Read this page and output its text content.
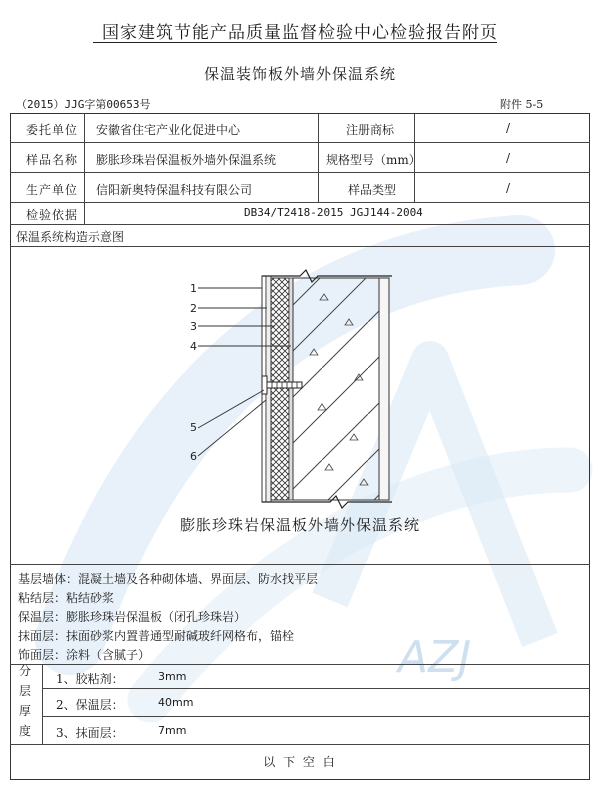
AZJ
国家建筑节能产品质量监督检验中心检验报告附页
保温装饰板外墙外保温系统
（2015）JJG字第00653号	附件 5-5
委托单位 安徽省住宅产业化促进中心	注册商标	/
样品名称 膨胀珍珠岩保温板外墙外保温系统	规格型号（mm）	/
生产单位 信阳新奥特保温科技有限公司	样品类型	/
检验依据	DB34/T2418-2015 JGJ144-2004
保温系统构造示意图
1
2
3
4
5
6
膨胀珍珠岩保温板外墙外保温系统
基层墙体：混凝土墙及各种砌体墙、界面层、防水找平层
粘结层：粘结砂浆
保温层：膨胀珍珠岩保温板（闭孔珍珠岩）
抹面层：抹面砂浆内置普通型耐碱玻纤网格布，锚栓
饰面层：涂料（含腻子）
分
层
厚
度
1、胶粘剂：	3mm
2、保温层：	40mm
3、抹面层：	7mm
以 下 空 白
